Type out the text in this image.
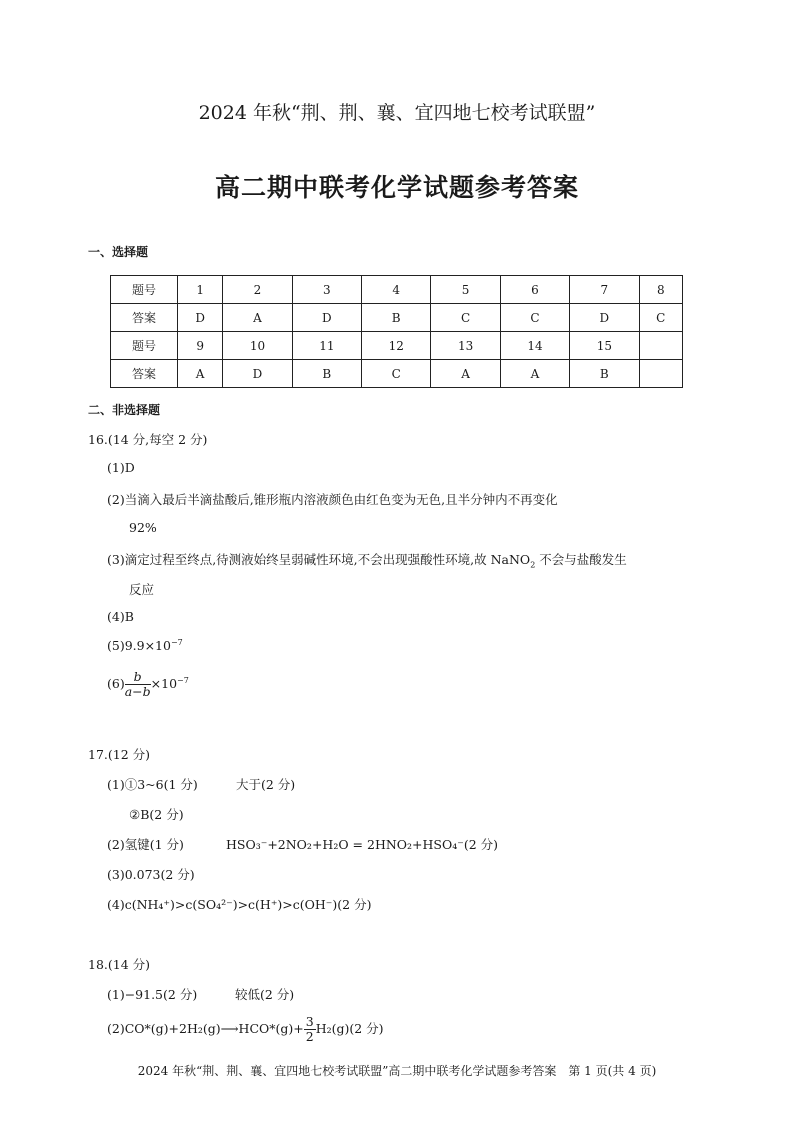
2024 年秋“荆、荆、襄、宜四地七校考试联盟”
高二期中联考化学试题参考答案
一、选择题
题号	1	2	3	4	5	6	7	8
答案	D	A	D	B	C	C	D	C
题号	9	10	11	12	13	14	15	
答案	A	D	B	C	A	A	B	
二、非选择题
16.(14 分,每空 2 分)
(1)D
(2)当滴入最后半滴盐酸后,锥形瓶内溶液颜色由红色变为无色,且半分钟内不再变化
92%
(3)滴定过程至终点,待测液始终呈弱碱性环境,不会出现强酸性环境,故 NaNO$_2$ 不会与盐酸发生
反应
(4)B
$(5)9.9\times 10^{-7}$
$(6) \frac{b}{a-b} \times 10^{-7}$
17.(12 分)
(1)①3~6(1 分)	大于(2 分)
②B(2 分)
(2)氢键(1 分)	HSO₃⁻+2NO₂+H₂O = 2HNO₂+HSO₄⁻(2 分)
(3)0.073(2 分)
(4)c(NH₄⁺)>c(SO₄²⁻)>c(H⁺)>c(OH⁻)(2 分)
18.(14 分)
(1)−91.5(2 分)	较低(2 分)
(2)CO*(g)+2H₂(g)⟶HCO*(g)+ $\frac{3}{2} H_2(g)(2$ 分)
2024 年秋“荆、荆、襄、宜四地七校考试联盟”高二期中联考化学试题参考答案　第 1 页(共 4 页)
